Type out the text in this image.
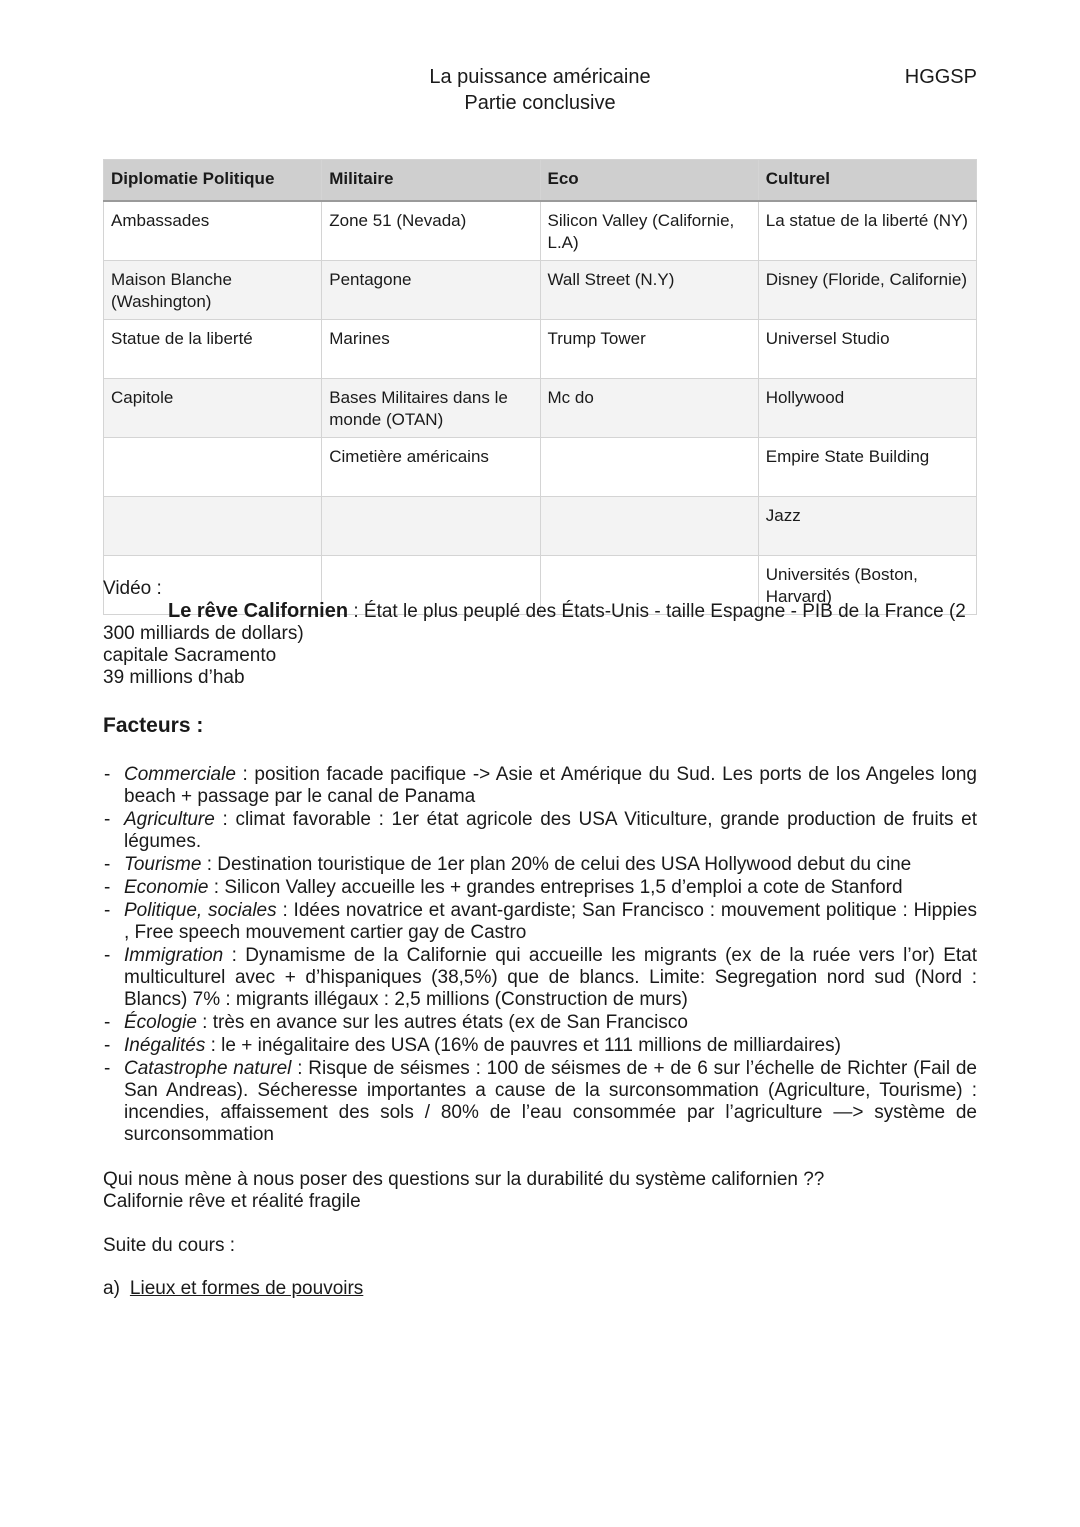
La puissance américaine
Partie conclusive
HGGSP
Diplomatie Politique	Militaire	Eco	Culturel
Ambassades	Zone 51 (Nevada)	Silicon Valley (Californie, L.A)	La statue de la liberté (NY)
Maison Blanche (Washington)	Pentagone	Wall Street (N.Y)	Disney (Floride, Californie)
Statue de la liberté	Marines	Trump Tower	Universel Studio
Capitole	Bases Militaires dans le monde (OTAN)	Mc do	Hollywood
	Cimetière américains		Empire State Building
			Jazz
			Universités (Boston, Harvard)

Vidéo :

Le rêve Californien : État le plus peuplé des États-Unis - taille Espagne - PIB de la France (2 300 milliards de dollars)

capitale Sacramento

39 millions d’hab

Facteurs :

- Commerciale : position facade pacifique -> Asie et Amérique du Sud. Les ports de los Angeles long beach + passage par le canal de Panama
- Agriculture : climat favorable : 1er état agricole des USA Viticulture, grande production de fruits et légumes.
- Tourisme : Destination touristique de 1er plan 20% de celui des USA Hollywood debut du cine
- Economie : Silicon Valley accueille les + grandes entreprises 1,5 d’emploi a cote de Stanford
- Politique, sociales : Idées novatrice et avant-gardiste; San Francisco : mouvement politique : Hippies , Free speech mouvement cartier gay de Castro
- Immigration : Dynamisme de la Californie qui accueille les migrants (ex de la ruée vers l’or) Etat multiculturel avec + d’hispaniques (38,5%) que de blancs. Limite: Segregation nord sud (Nord : Blancs) 7% : migrants illégaux : 2,5 millions (Construction de murs)
- Écologie : très en avance sur les autres états (ex de San Francisco
- Inégalités : le + inégalitaire des USA (16% de pauvres et 111 millions de milliardaires)
- Catastrophe naturel : Risque de séismes : 100 de séismes de + de 6 sur l’échelle de Richter (Fail de San Andreas). Sécheresse importantes a cause de la surconsommation (Agriculture, Tourisme) : incendies, affaissement des sols / 80% de l’eau consommée par l’agriculture —> système de surconsommation

Qui nous mène à nous poser des questions sur la durabilité du système californien ??

Californie rêve et réalité fragile

Suite du cours :

a) Lieux et formes de pouvoirs
